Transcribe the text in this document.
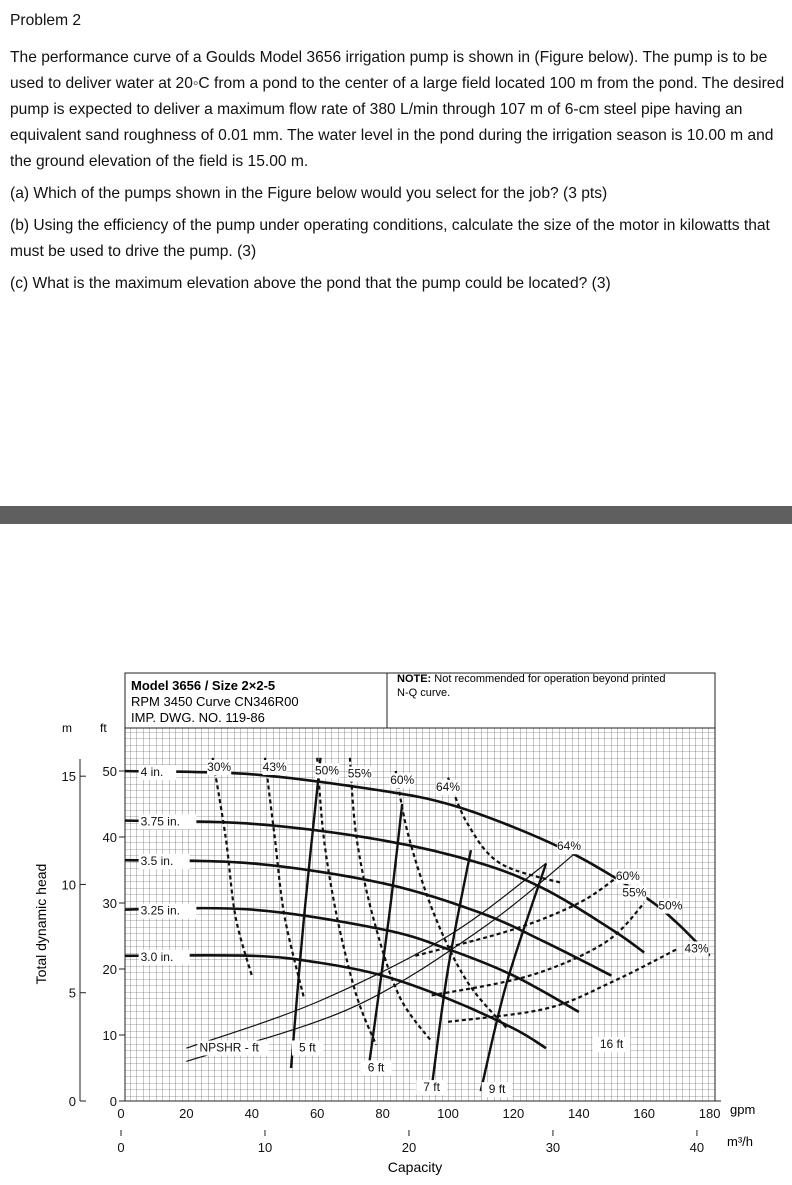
Problem 2

The performance curve of a Goulds Model 3656 irrigation pump is shown in (Figure below). The pump is to be used to deliver water at 20◦C from a pond to the center of a large field located 100 m from the pond. The desired pump is expected to deliver a maximum flow rate of 380 L/min through 107 m of 6-cm steel pipe having an equivalent sand roughness of 0.01 mm. The water level in the pond during the irrigation season is 10.00 m and the ground elevation of the field is 15.00 m.

(a) Which of the pumps shown in the Figure below would you select for the job? (3 pts)

(b) Using the efficiency of the pump under operating conditions, calculate the size of the motor in kilowatts that must be used to drive the pump. (3)

(c) What is the maximum elevation above the pond that the pump could be located? (3)

Model 3656 / Size 2×2-5
RPM 3450 Curve CN346R00
IMP. DWG. NO. 119-86
NOTE: Not recommended for operation beyond printed
N-Q curve.
m ft
Total dynamic head
Capacity
gpm
m³/h
0	20	40	60	80	100	120	140	160	180
0	10	20	30	40
0
10
20
30
40
50
0
5
10
15	4 in.
3.75 in.
3.5 in.
3.25 in.
3.0 in.
30%	43% 50% 55% 60% 64%
64%
60%
55%
50%
43%
NPSHR - ft	5 ft
6 ft
7 ft	9 ft
16 ft
